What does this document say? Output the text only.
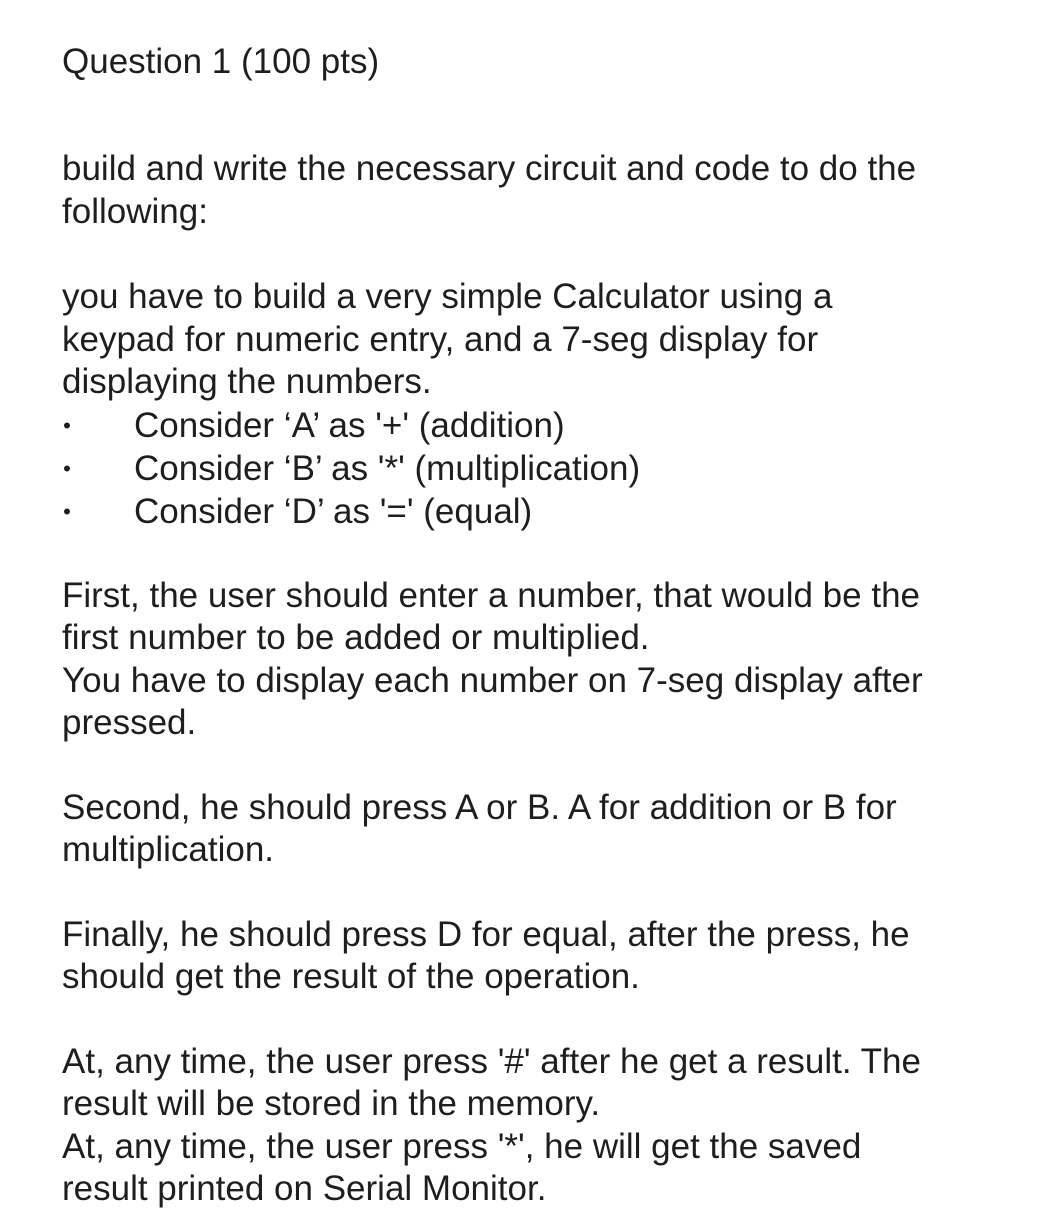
Question 1 (100 pts)

build and write the necessary circuit and code to do the
following:

you have to build a very simple Calculator using a
keypad for numeric entry, and a 7-seg display for
displaying the numbers.

• Consider ‘A’ as '+' (addition)
• Consider ‘B’ as '*' (multiplication)
• Consider ‘D’ as '=' (equal)

First, the user should enter a number, that would be the
first number to be added or multiplied.
You have to display each number on 7-seg display after
pressed.

Second, he should press A or B. A for addition or B for
multiplication.

Finally, he should press D for equal, after the press, he
should get the result of the operation.

At, any time, the user press '#' after he get a result. The
result will be stored in the memory.
At, any time, the user press '*', he will get the saved
result printed on Serial Monitor.
